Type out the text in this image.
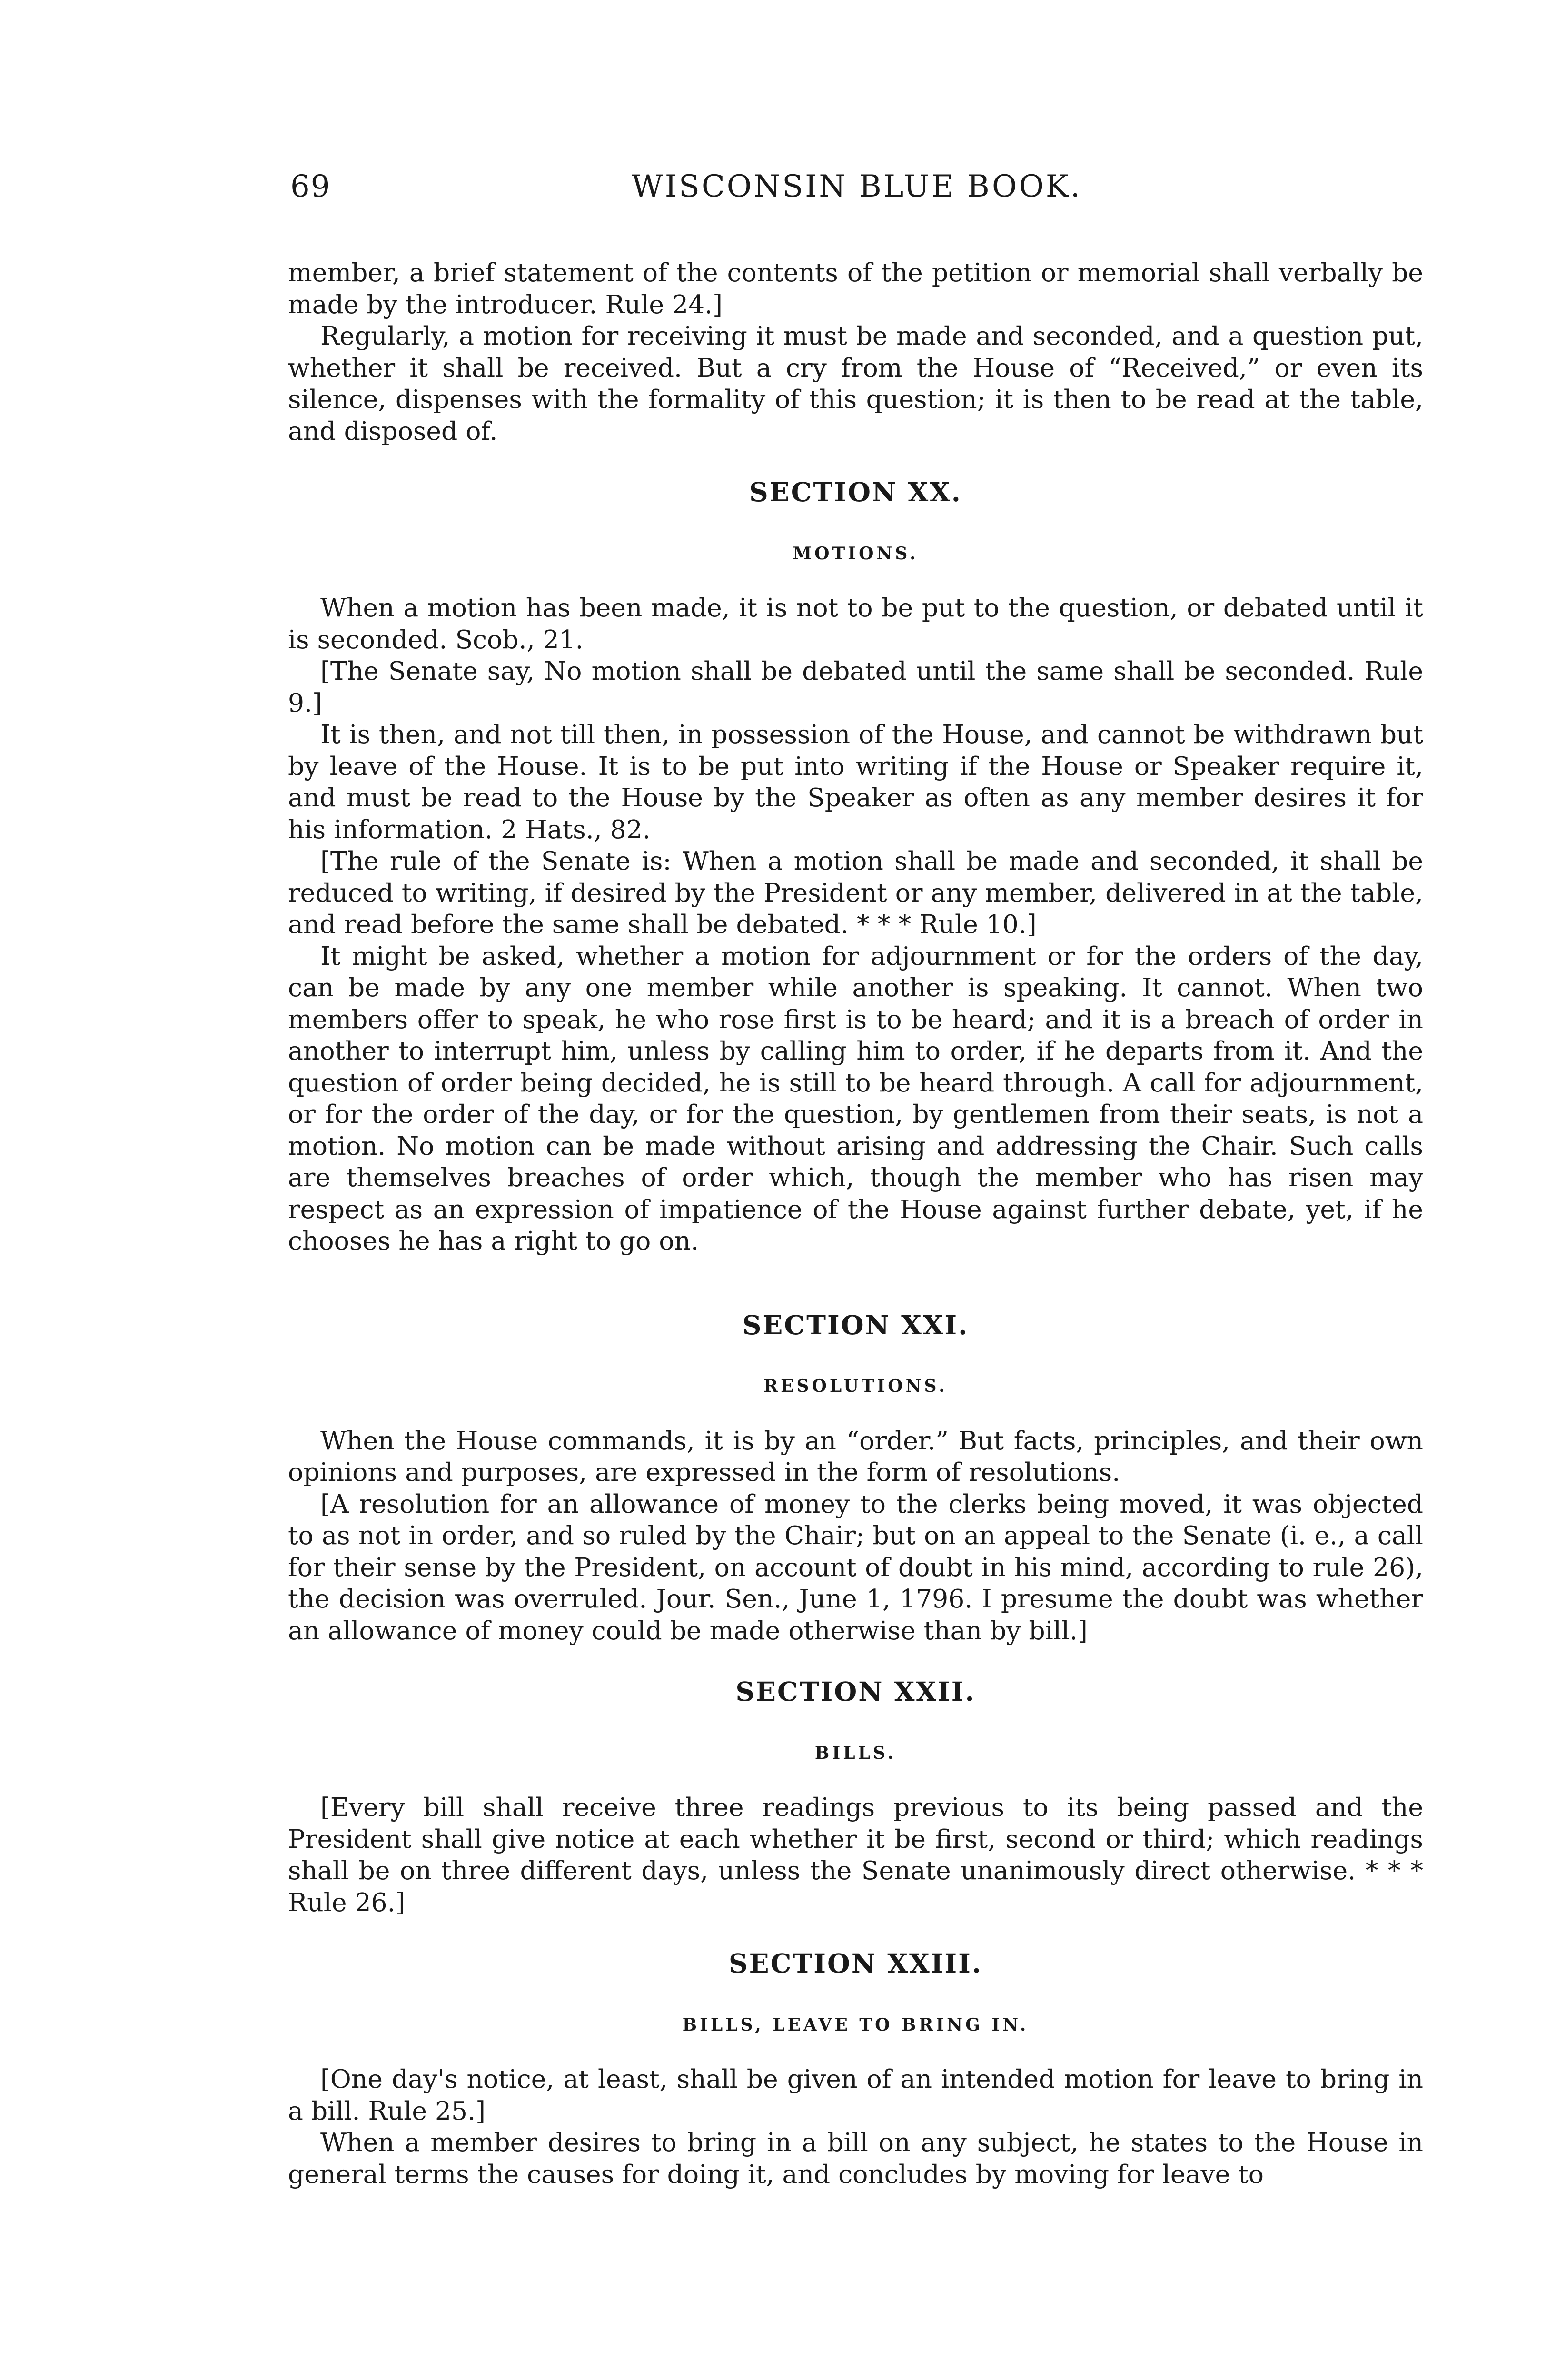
69	WISCONSIN BLUE BOOK.

member, a brief statement of the contents of the petition or memorial shall verbally be made by the introducer. Rule 24.]

Regularly, a motion for receiving it must be made and seconded, and a question put, whether it shall be received. But a cry from the House of “Received,” or even its silence, dispenses with the formality of this question; it is then to be read at the table, and disposed of.

SECTION XX.
MOTIONS.

When a motion has been made, it is not to be put to the question, or debated until it is seconded. Scob., 21.

[The Senate say, No motion shall be debated until the same shall be seconded. Rule 9.]

It is then, and not till then, in possession of the House, and cannot be withdrawn but by leave of the House. It is to be put into writing if the House or Speaker require it, and must be read to the House by the Speaker as often as any member desires it for his information. 2 Hats., 82.

[The rule of the Senate is: When a motion shall be made and seconded, it shall be reduced to writing, if desired by the President or any member, delivered in at the table, and read before the same shall be debated. * * * Rule 10.]

It might be asked, whether a motion for adjournment or for the orders of the day, can be made by any one member while another is speaking. It cannot. When two members offer to speak, he who rose first is to be heard; and it is a breach of order in another to interrupt him, unless by calling him to order, if he departs from it. And the question of order being decided, he is still to be heard through. A call for adjournment, or for the order of the day, or for the question, by gentlemen from their seats, is not a motion. No motion can be made without arising and addressing the Chair. Such calls are themselves breaches of order which, though the member who has risen may respect as an expression of impatience of the House against further debate, yet, if he chooses he has a right to go on.

SECTION XXI.
RESOLUTIONS.

When the House commands, it is by an “order.” But facts, principles, and their own opinions and purposes, are expressed in the form of resolutions.

[A resolution for an allowance of money to the clerks being moved, it was objected to as not in order, and so ruled by the Chair; but on an appeal to the Senate (i. e., a call for their sense by the President, on account of doubt in his mind, according to rule 26), the decision was overruled. Jour. Sen., June 1, 1796. I presume the doubt was whether an allowance of money could be made otherwise than by bill.]

SECTION XXII.
BILLS.

[Every bill shall receive three readings previous to its being passed and the President shall give notice at each whether it be first, second or third; which readings shall be on three different days, unless the Senate unanimously direct otherwise. * * * Rule 26.]

SECTION XXIII.
BILLS, LEAVE TO BRING IN.

[One day's notice, at least, shall be given of an intended motion for leave to bring in a bill. Rule 25.]

When a member desires to bring in a bill on any subject, he states to the House in general terms the causes for doing it, and concludes by moving for leave to
